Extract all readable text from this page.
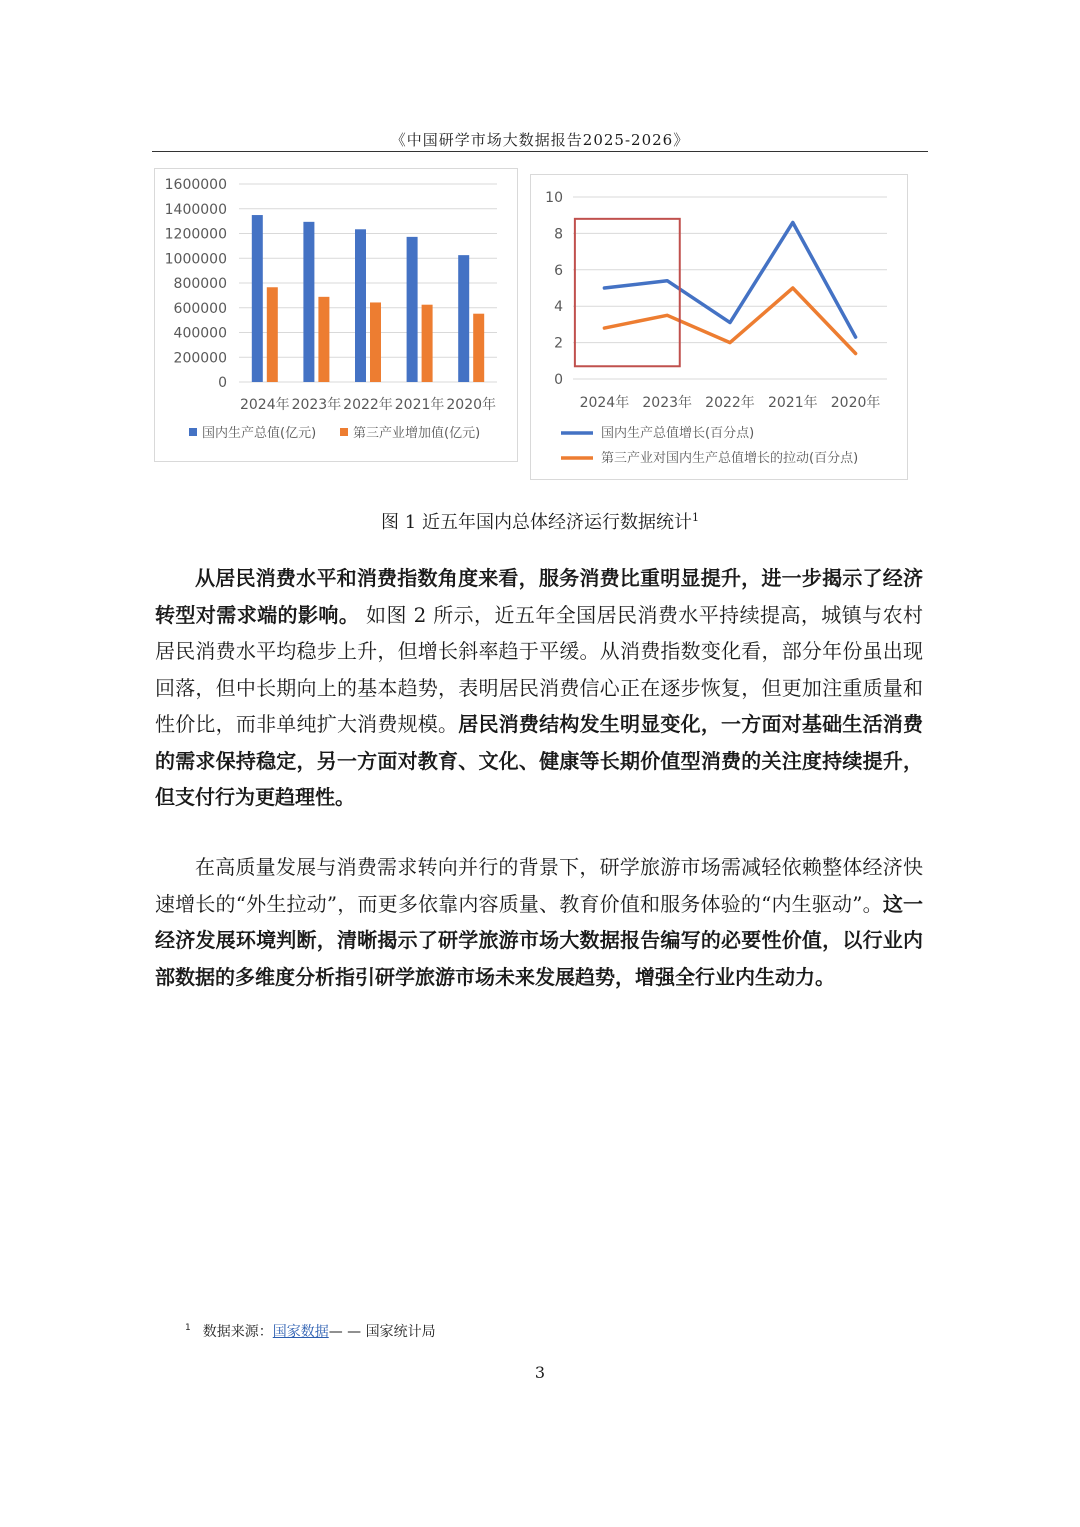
《中国研学市场大数据报告2025-2026》
0
200000
400000
600000
800000
1000000
1200000
1400000
1600000
2024年 2023年 2022年 2021年 2020年
国内生产总值(亿元)	第三产业增加值(亿元)
0
2
4
6
8
10
2024年 2023年 2022年 2021年 2020年
国内生产总值增长(百分点)
第三产业对国内生产总值增长的拉动(百分点)
图 1 近五年国内总体经济运行数据统计$^1$

从居民消费水平和消费指数角度来看，服务消费比重明显提升，进一步揭示了经济转型对需求端的影响。 如图 2 所示，近五年全国居民消费水平持续提高，城镇与农村居民消费水平均稳步上升，但增长斜率趋于平缓。从消费指数变化看，部分年份虽出现回落，但中长期向上的基本趋势，表明居民消费信心正在逐步恢复，但更加注重质量和性价比，而非单纯扩大消费规模。居民消费结构发生明显变化，一方面对基础生活消费的需求保持稳定，另一方面对教育、文化、健康等长期价值型消费的关注度持续提升，但支付行为更趋理性。

在高质量发展与消费需求转向并行的背景下，研学旅游市场需减轻依赖整体经济快速增长的“外生拉动”，而更多依靠内容质量、教育价值和服务体验的“内生驱动”。这一经济发展环境判断，清晰揭示了研学旅游市场大数据报告编写的必要性价值，以行业内部数据的多维度分析指引研学旅游市场未来发展趋势，增强全行业内生动力。

$^1$ 数据来源：国家数据— — 国家统计局
3
